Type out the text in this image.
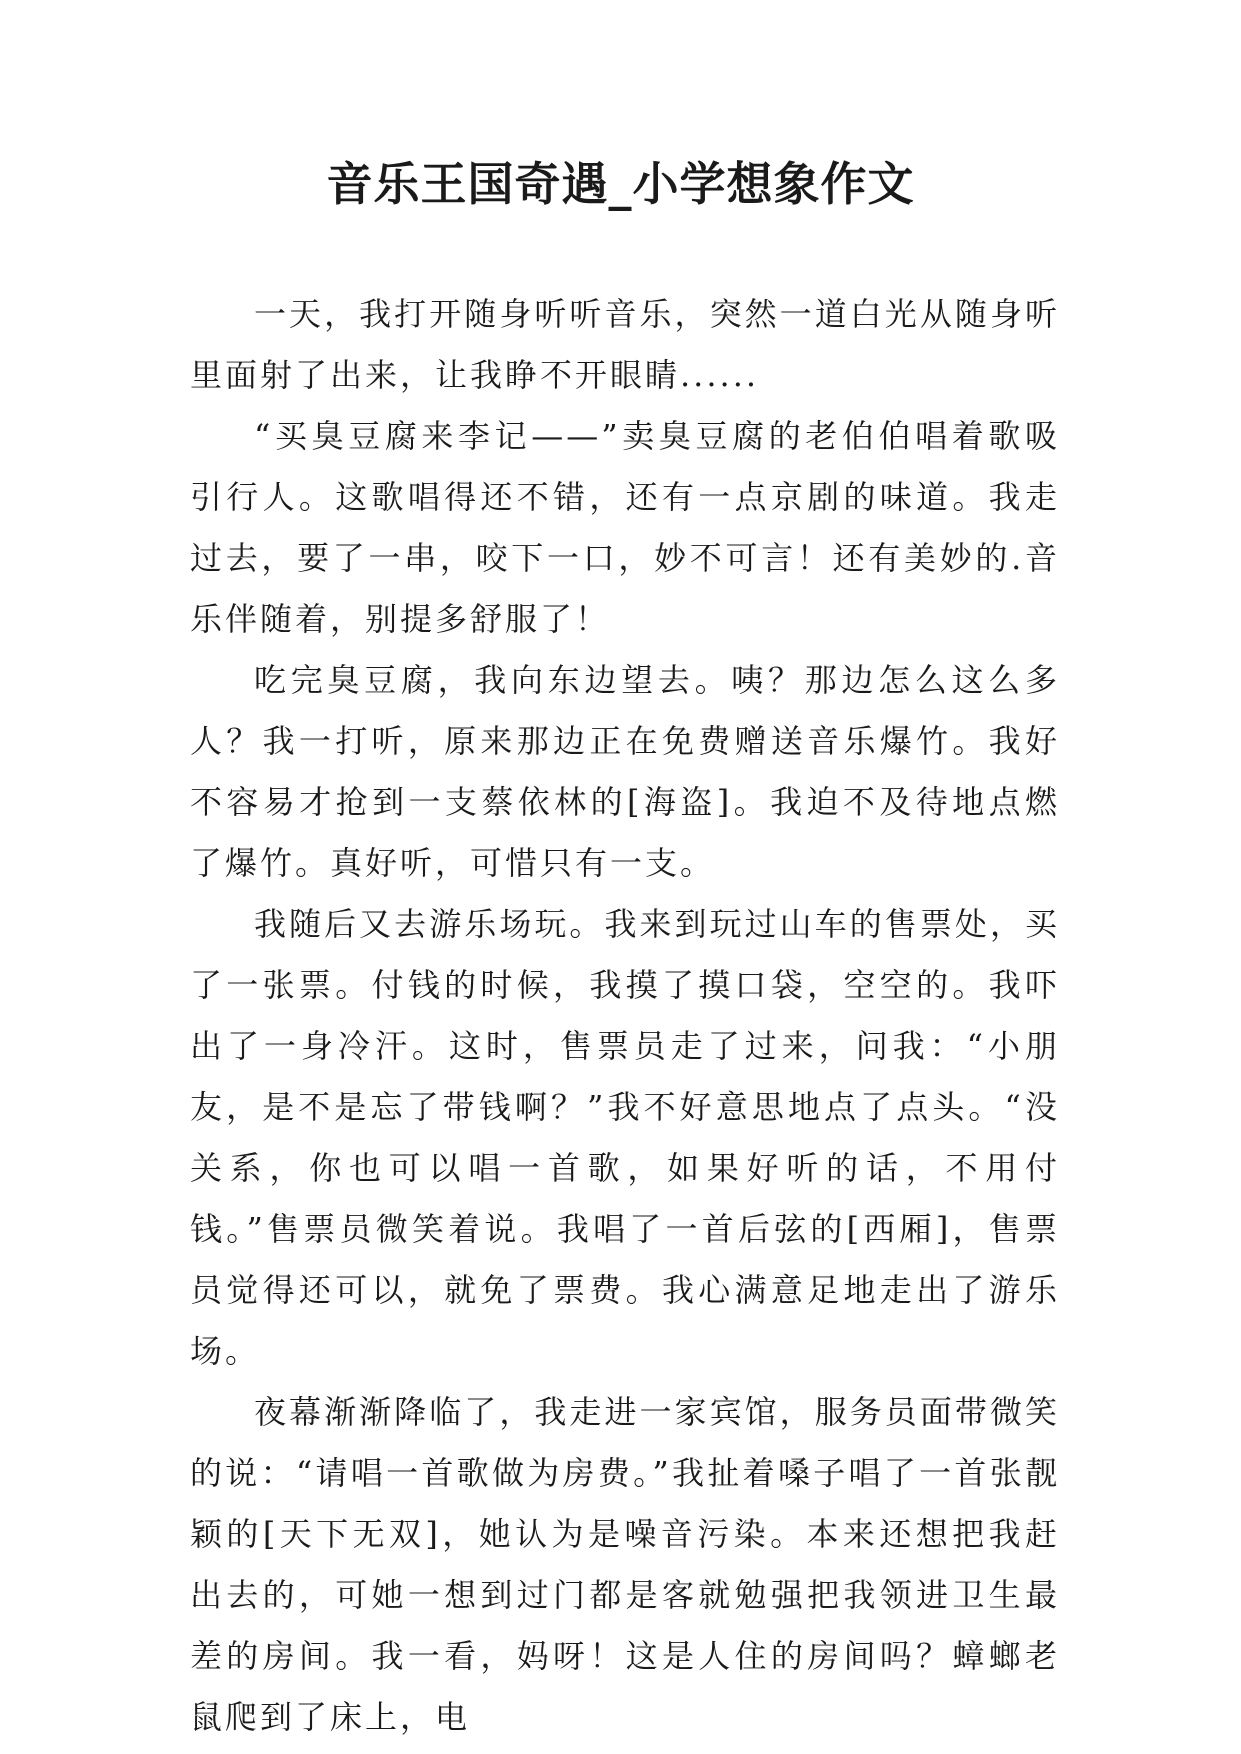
音乐王国奇遇_小学想象作文

一天，我打开随身听听音乐，突然一道白光从随身听里面射了出来，让我睁不开眼睛......

“买臭豆腐来李记——”卖臭豆腐的老伯伯唱着歌吸引行人。这歌唱得还不错，还有一点京剧的味道。我走过去，要了一串，咬下一口，妙不可言！还有美妙的.音乐伴随着，别提多舒服了！

吃完臭豆腐，我向东边望去。咦？那边怎么这么多人？我一打听，原来那边正在免费赠送音乐爆竹。我好不容易才抢到一支蔡依林的[海盗]。我迫不及待地点燃了爆竹。真好听，可惜只有一支。

我随后又去游乐场玩。我来到玩过山车的售票处，买了一张票。付钱的时候，我摸了摸口袋，空空的。我吓出了一身冷汗。这时，售票员走了过来，问我：“小朋友，是不是忘了带钱啊？”我不好意思地点了点头。“没关系，你也可以唱一首歌，如果好听的话，不用付钱。”售票员微笑着说。我唱了一首后弦的[西厢]，售票员觉得还可以，就免了票费。我心满意足地走出了游乐场。

夜幕渐渐降临了，我走进一家宾馆，服务员面带微笑的说：“请唱一首歌做为房费。”我扯着嗓子唱了一首张靓颖的[天下无双]，她认为是噪音污染。本来还想把我赶出去的，可她一想到过门都是客就勉强把我领进卫生最差的房间。我一看，妈呀！这是人住的房间吗？蟑螂老鼠爬到了床上，电
